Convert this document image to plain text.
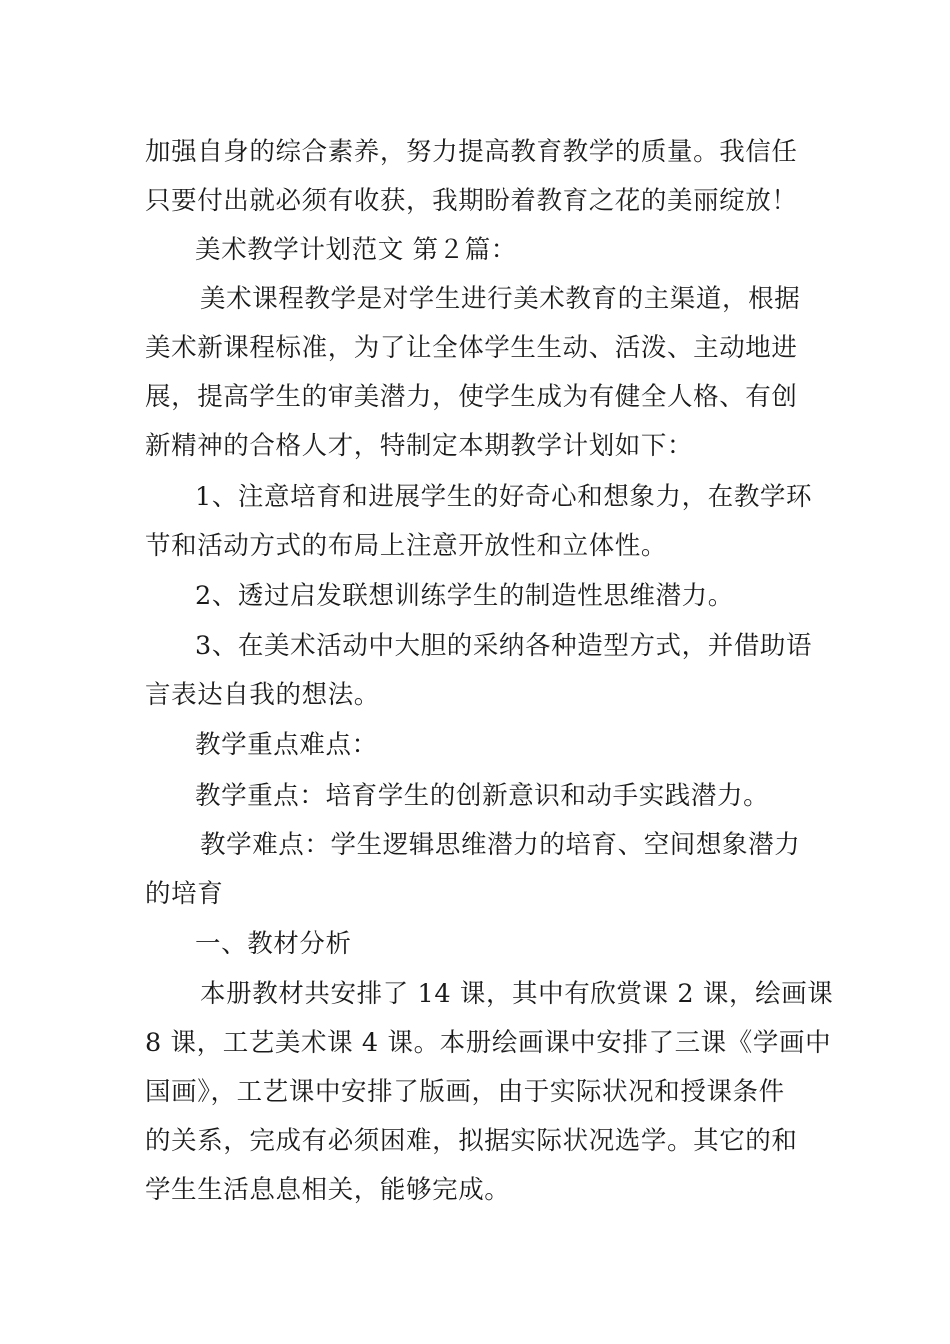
加强自身的综合素养，努力提高教育教学的质量。我信任
只要付出就必须有收获，我期盼着教育之花的美丽绽放！

美术教学计划范文 第２篇：

美术课程教学是对学生进行美术教育的主渠道，根据
美术新课程标准，为了让全体学生生动、活泼、主动地进
展，提高学生的审美潜力，使学生成为有健全人格、有创
新精神的合格人才，特制定本期教学计划如下：

1、注意培育和进展学生的好奇心和想象力，在教学环
节和活动方式的布局上注意开放性和立体性。

2、透过启发联想训练学生的制造性思维潜力。

3、在美术活动中大胆的采纳各种造型方式，并借助语
言表达自我的想法。

教学重点难点：

教学重点：培育学生的创新意识和动手实践潜力。

教学难点：学生逻辑思维潜力的培育、空间想象潜力
的培育

一、教材分析

本册教材共安排了 14 课，其中有欣赏课 2 课，绘画课
8 课，工艺美术课 4 课。本册绘画课中安排了三课《学画中
国画》，工艺课中安排了版画，由于实际状况和授课条件
的关系，完成有必须困难，拟据实际状况选学。其它的和
学生生活息息相关，能够完成。
